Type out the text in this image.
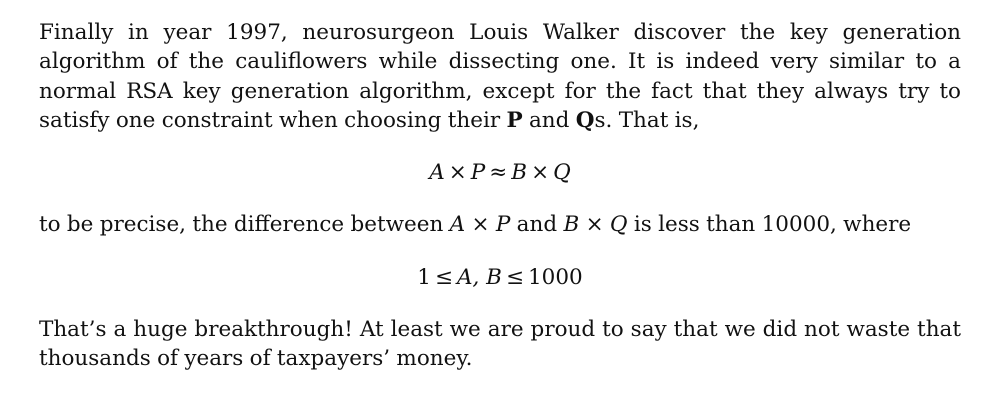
Finally in year 1997, neurosurgeon Louis Walker discover the key generation algorithm of the cauliflowers while dissecting one. It is indeed very similar to a normal RSA key generation algorithm, except for the fact that they always try to satisfy one constraint when choosing their P and Qs. That is,

A × P ≈ B × Q

to be precise, the difference between A × P and B × Q is less than 10000, where

1 ≤ A, B ≤ 1000

That’s a huge breakthrough! At least we are proud to say that we did not waste that thousands of years of taxpayers’ money.
